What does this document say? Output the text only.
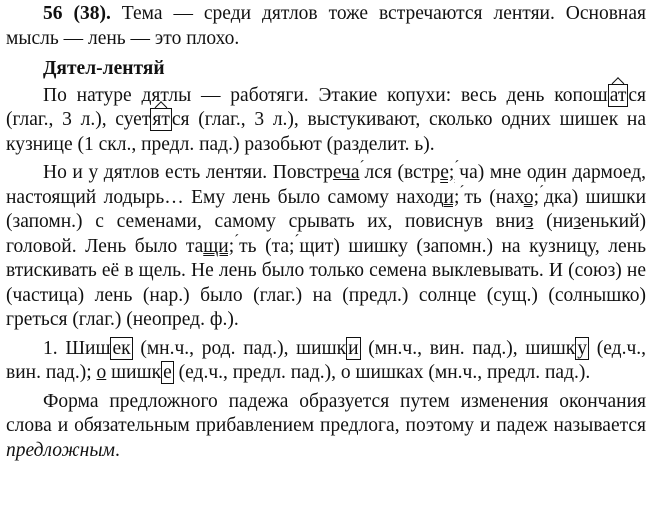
56 (38). Тема — среди дятлов тоже встречаются лентяи. Основная мысль — лень — это плохо.

Дятел-лентяй

По натуре дятлы — работяги. Этакие копухи: весь день копош ат ся (глаг., 3 л.), сует ят ся (глаг., 3 л.), выстукивают, сколько одних шишек на кузнице (1 скл., предл. пад.) разобьют (разделит. ь).

Но и у дятлов есть лентяи. Повстреча´лся (встре;´ча) мне один дармоед, настоящий лодырь… Ему лень было самому находи;´ть (нахо;´дка) шишки (запомн.) с семенами, самому срывать их, повиснув вниз (низенький) головой. Лень было тащи;´ть (та;´щит) шишку (запомн.) на кузницу, лень втискивать её в щель. Не лень было только семена выклевывать. И (союз) не (частица) лень (нар.) было (глаг.) на (предл.) солнце (сущ.) (солнышко) греться (глаг.) (неопред. ф.).

1. Шиш ек (мн.ч., род. пад.), шишк и (мн.ч., вин. пад.), шишк у (ед.ч., вин. пад.); о шишк е (ед.ч., предл. пад.), о шишках (мн.ч., предл. пад.).

Форма предложного падежа образуется путем изменения окончания слова и обязательным прибавлением предлога, поэтому и падеж называется предложным.
